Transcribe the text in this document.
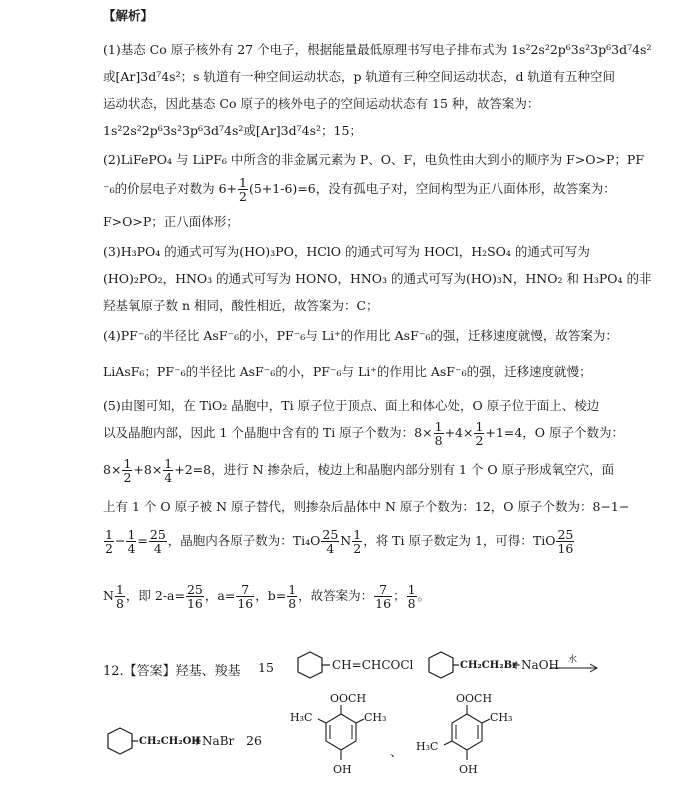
【解析】
(1)基态 Co 原子核外有 27 个电子，根据能量最低原理书写电子排布式为 1s²2s²2p⁶3s²3p⁶3d⁷4s²
或[Ar]3d⁷4s²；s 轨道有一种空间运动状态，p 轨道有三种空间运动状态，d 轨道有五种空间
运动状态，因此基态 Co 原子的核外电子的空间运动状态有 15 种，故答案为：
1s²2s²2p⁶3s²3p⁶3d⁷4s²或[Ar]3d⁷4s²；15；
(2)LiFePO₄ 与 LiPF₆ 中所含的非金属元素为 P、O、F，电负性由大到小的顺序为 F>O>P；PF
⁻₆的价层电子对数为 $6+ \frac{1}{2} (5+1-6)=6$，没有孤电子对，空间构型为正八面体形，故答案为：
F>O>P；正八面体形；
(3)H₃PO₄ 的通式可写为(HO)₃PO，HClO 的通式可写为 HOCl，H₂SO₄ 的通式可写为
(HO)₂PO₂，HNO₃ 的通式可写为 HONO，HNO₃ 的通式可写为(HO)₃N，HNO₂ 和 H₃PO₄ 的非
羟基氧原子数 n 相同，酸性相近，故答案为：C；
(4)PF⁻₆的半径比 AsF⁻₆的小，PF⁻₆与 Li⁺的作用比 AsF⁻₆的强，迁移速度就慢，故答案为：
LiAsF₆；PF⁻₆的半径比 AsF⁻₆的小，PF⁻₆与 Li⁺的作用比 AsF⁻₆的强，迁移速度就慢；
(5)由图可知，在 TiO₂ 晶胞中，Ti 原子位于顶点、面上和体心处，O 原子位于面上、棱边
以及晶胞内部，因此 1 个晶胞中含有的 Ti 原子个数为：$8\times \frac{1}{8} +4\times \frac{1}{2} +1=4$，O 原子个数为：
$8\times \frac{1}{2} +8\times \frac{1}{4} +2=8$，进行 N 掺杂后，棱边上和晶胞内部分别有 1 个 O 原子形成氧空穴，面
上有 1 个 O 原子被 N 原子替代，则掺杂后晶体中 N 原子个数为：12，O 原子个数为：8−1−
$\frac{1}{2} - \frac{1}{4} = \frac{25}{4}$ ，晶胞内各原子数为：$Ti_4O \frac{25}{4}$ N $\frac{1}{2}$ ，将 Ti 原子数定为 1，可得：TiO $\frac{25}{16}$
N $\frac{1}{8}$ ，即 $2-a= \frac{25}{16}$ ，$a= \frac{7}{16}$ ，$b= \frac{1}{8}$ ，故答案为： $\frac{7}{16}$ ； $\frac{1}{8}$ 。
12.【答案】羟基、羧基	15	CH=CHCOCl	CH₂CH₂Br
+NaOH 水
CH₂CH₂OH
+NaBr 26
OOCH
H₃C	CH₃
OH
、
OOCH
H₃C
CH₃
OH
